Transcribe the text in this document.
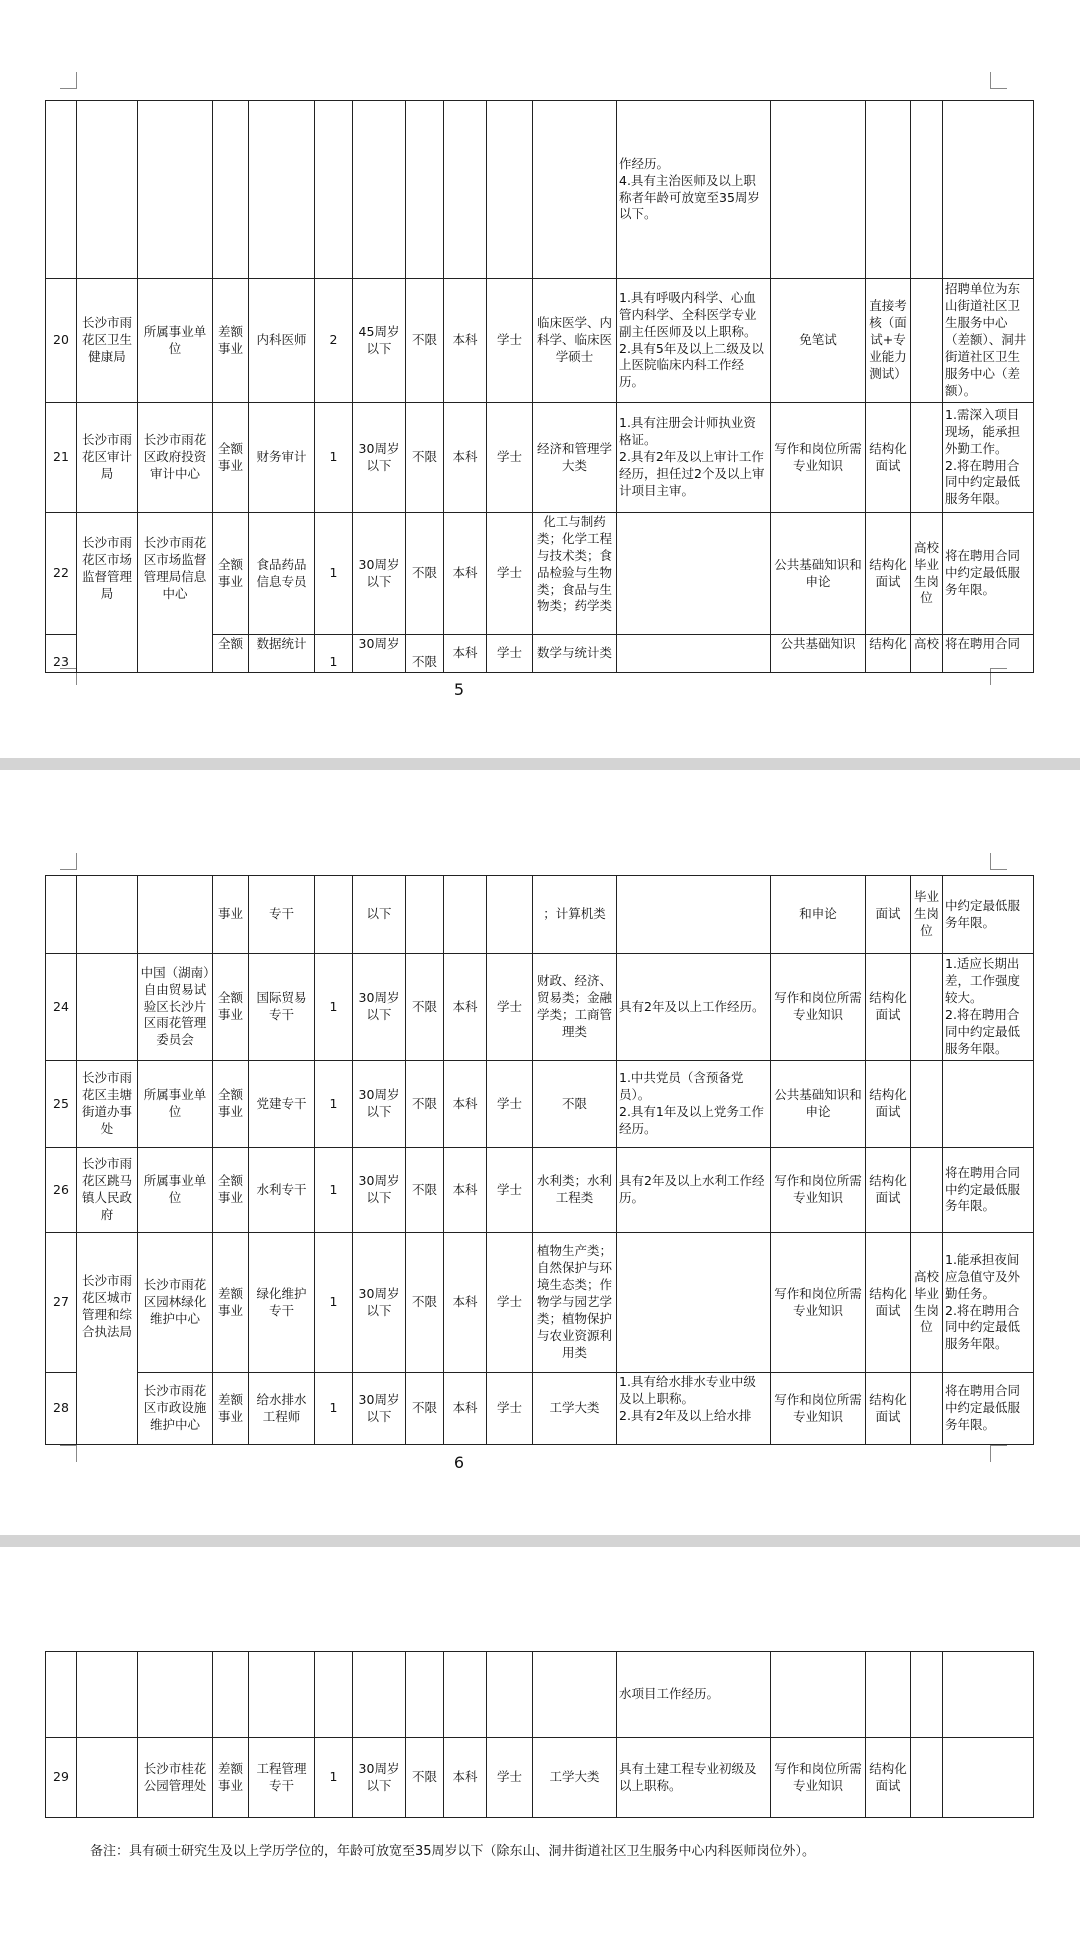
											作经历。
4.具有主治医师及以上职称者年龄可放宽至35周岁以下。				
20	长沙市雨花区卫生健康局	所属事业单位	差额事业	内科医师	2	45周岁以下	不限	本科	学士	临床医学、内科学、临床医学硕士	1.具有呼吸内科学、心血管内科学、全科医学专业副主任医师及以上职称。
2.具有5年及以上二级及以上医院临床内科工作经历。	免笔试	直接考核（面试+专业能力测试）		招聘单位为东山街道社区卫生服务中心（差额）、洞井街道社区卫生服务中心（差额）。
21	长沙市雨花区审计局	长沙市雨花区政府投资审计中心	全额事业	财务审计	1	30周岁以下	不限	本科	学士	经济和管理学大类	1.具有注册会计师执业资格证。
2.具有2年及以上审计工作经历，担任过2个及以上审计项目主审。	写作和岗位所需专业知识	结构化面试		1.需深入项目现场，能承担外勤工作。
2.将在聘用合同中约定最低服务年限。
22	长沙市雨花区市场监督管理局	长沙市雨花区市场监督管理局信息中心	全额事业	食品药品信息专员	1	30周岁以下	不限	本科	学士	化工与制药类；化学工程与技术类；食品检验与生物类；食品与生物类；药学类		公共基础知识和申论	结构化面试	高校毕业生岗位	将在聘用合同中约定最低服务年限。
23			全额	数据统计	1	30周岁	不限	本科	学士	数学与统计类		公共基础知识	结构化	高校	将在聘用合同
5
			事业	专干		以下				；计算机类		和申论	面试	毕业生岗位	中约定最低服务年限。
24		中国（湖南）自由贸易试验区长沙片区雨花管理委员会	全额事业	国际贸易专干	1	30周岁以下	不限	本科	学士	财政、经济、贸易类；金融学类；工商管理类	具有2年及以上工作经历。	写作和岗位所需专业知识	结构化面试		1.适应长期出差，工作强度较大。
2.将在聘用合同中约定最低服务年限。
25	长沙市雨花区圭塘街道办事处	所属事业单位	全额事业	党建专干	1	30周岁以下	不限	本科	学士	不限	1.中共党员（含预备党员）。
2.具有1年及以上党务工作经历。	公共基础知识和申论	结构化面试		
26	长沙市雨花区跳马镇人民政府	所属事业单位	全额事业	水利专干	1	30周岁以下	不限	本科	学士	水利类；水利工程类	具有2年及以上水利工作经历。	写作和岗位所需专业知识	结构化面试		将在聘用合同中约定最低服务年限。
27	长沙市雨花区城市管理和综合执法局	长沙市雨花区园林绿化维护中心	差额事业	绿化维护专干	1	30周岁以下	不限	本科	学士	植物生产类；自然保护与环境生态类；作物学与园艺学类；植物保护与农业资源利用类		写作和岗位所需专业知识	结构化面试	高校毕业生岗位	1.能承担夜间应急值守及外勤任务。
2.将在聘用合同中约定最低服务年限。
28		长沙市雨花区市政设施维护中心	差额事业	给水排水工程师	1	30周岁以下	不限	本科	学士	工学大类	1.具有给水排水专业中级及以上职称。
2.具有2年及以上给水排	写作和岗位所需专业知识	结构化面试		将在聘用合同中约定最低服务年限。
6
											水项目工作经历。				
29		长沙市桂花公园管理处	差额事业	工程管理专干	1	30周岁以下	不限	本科	学士	工学大类	具有土建工程专业初级及以上职称。	写作和岗位所需专业知识	结构化面试		
备注：具有硕士研究生及以上学历学位的，年龄可放宽至35周岁以下（除东山、洞井街道社区卫生服务中心内科医师岗位外）。
